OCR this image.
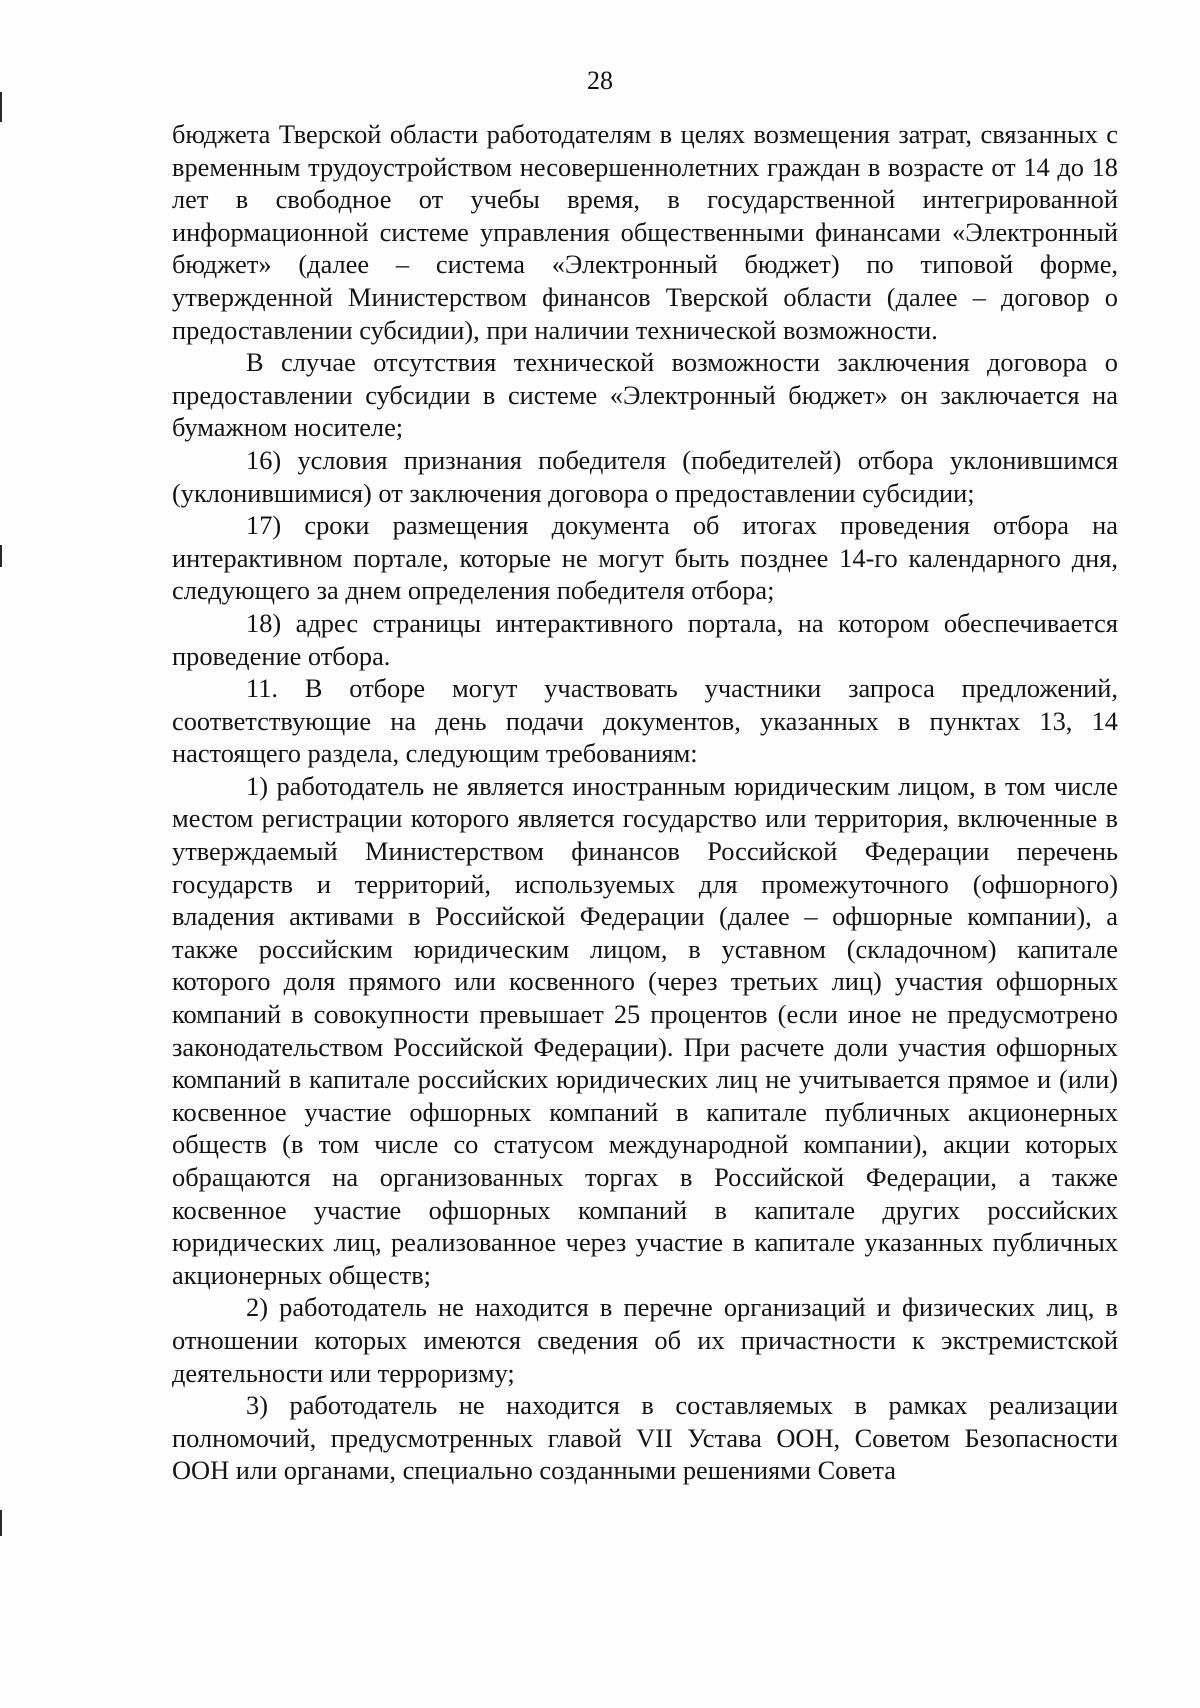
28

бюджета Тверской области работодателям в целях возмещения затрат, связанных с временным трудоустройством несовершеннолетних граждан в возрасте от 14 до 18 лет в свободное от учебы время, в государственной интегрированной информационной системе управления общественными финансами «Электронный бюджет» (далее – система «Электронный бюджет) по типовой форме, утвержденной Министерством финансов Тверской области (далее – договор о предоставлении субсидии), при наличии технической возможности.

В случае отсутствия технической возможности заключения договора о предоставлении субсидии в системе «Электронный бюджет» он заключается на бумажном носителе;

16) условия признания победителя (победителей) отбора уклонившимся (уклонившимися) от заключения договора о предоставлении субсидии;

17) сроки размещения документа об итогах проведения отбора на интерактивном портале, которые не могут быть позднее 14-го календарного дня, следующего за днем определения победителя отбора;

18) адрес страницы интерактивного портала, на котором обеспечивается проведение отбора.

11. В отборе могут участвовать участники запроса предложений, соответствующие на день подачи документов, указанных в пунктах 13, 14 настоящего раздела, следующим требованиям:

1) работодатель не является иностранным юридическим лицом, в том числе местом регистрации которого является государство или территория, включенные в утверждаемый Министерством финансов Российской Федерации перечень государств и территорий, используемых для промежуточного (офшорного) владения активами в Российской Федерации (далее – офшорные компании), а также российским юридическим лицом, в уставном (складочном) капитале которого доля прямого или косвенного (через третьих лиц) участия офшорных компаний в совокупности превышает 25 процентов (если иное не предусмотрено законодательством Российской Федерации). При расчете доли участия офшорных компаний в капитале российских юридических лиц не учитывается прямое и (или) косвенное участие офшорных компаний в капитале публичных акционерных обществ (в том числе со статусом международной компании), акции которых обращаются на организованных торгах в Российской Федерации, а также косвенное участие офшорных компаний в капитале других российских юридических лиц, реализованное через участие в капитале указанных публичных акционерных обществ;

2) работодатель не находится в перечне организаций и физических лиц, в отношении которых имеются сведения об их причастности к экстремистской деятельности или терроризму;

3) работодатель не находится в составляемых в рамках реализации полномочий, предусмотренных главой VII Устава ООН, Советом Безопасности ООН или органами, специально созданными решениями Совета
